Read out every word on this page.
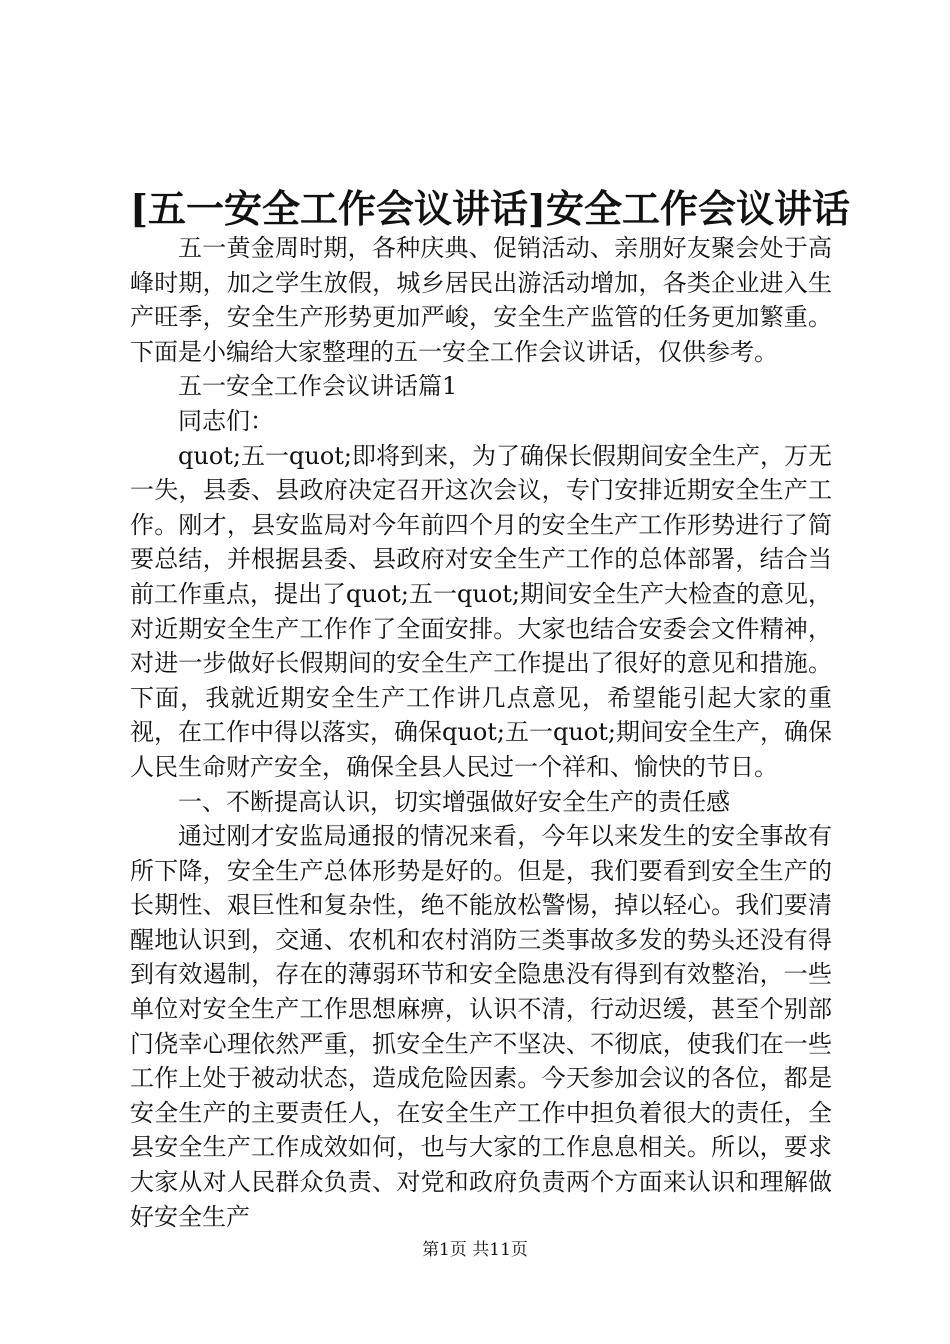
[五一安全工作会议讲话]安全工作会议讲话

五一黄金周时期，各种庆典、促销活动、亲朋好友聚会处于高峰时期，加之学生放假，城乡居民出游活动增加，各类企业进入生产旺季，安全生产形势更加严峻，安全生产监管的任务更加繁重。下面是小编给大家整理的五一安全工作会议讲话，仅供参考。

五一安全工作会议讲话篇1

同志们：

quot;五一quot;即将到来，为了确保长假期间安全生产，万无一失，县委、县政府决定召开这次会议，专门安排近期安全生产工作。刚才，县安监局对今年前四个月的安全生产工作形势进行了简要总结，并根据县委、县政府对安全生产工作的总体部署，结合当前工作重点，提出了quot;五一quot;期间安全生产大检查的意见，对近期安全生产工作作了全面安排。大家也结合安委会文件精神，对进一步做好长假期间的安全生产工作提出了很好的意见和措施。下面，我就近期安全生产工作讲几点意见，希望能引起大家的重视，在工作中得以落实，确保quot;五一quot;期间安全生产，确保人民生命财产安全，确保全县人民过一个祥和、愉快的节日。

一、不断提高认识，切实增强做好安全生产的责任感

通过刚才安监局通报的情况来看，今年以来发生的安全事故有所下降，安全生产总体形势是好的。但是，我们要看到安全生产的长期性、艰巨性和复杂性，绝不能放松警惕，掉以轻心。我们要清醒地认识到，交通、农机和农村消防三类事故多发的势头还没有得到有效遏制，存在的薄弱环节和安全隐患没有得到有效整治，一些单位对安全生产工作思想麻痹，认识不清，行动迟缓，甚至个别部门侥幸心理依然严重，抓安全生产不坚决、不彻底，使我们在一些工作上处于被动状态，造成危险因素。今天参加会议的各位，都是安全生产的主要责任人，在安全生产工作中担负着很大的责任，全县安全生产工作成效如何，也与大家的工作息息相关。所以，要求大家从对人民群众负责、对党和政府负责两个方面来认识和理解做好安全生产

第1页 共11页
